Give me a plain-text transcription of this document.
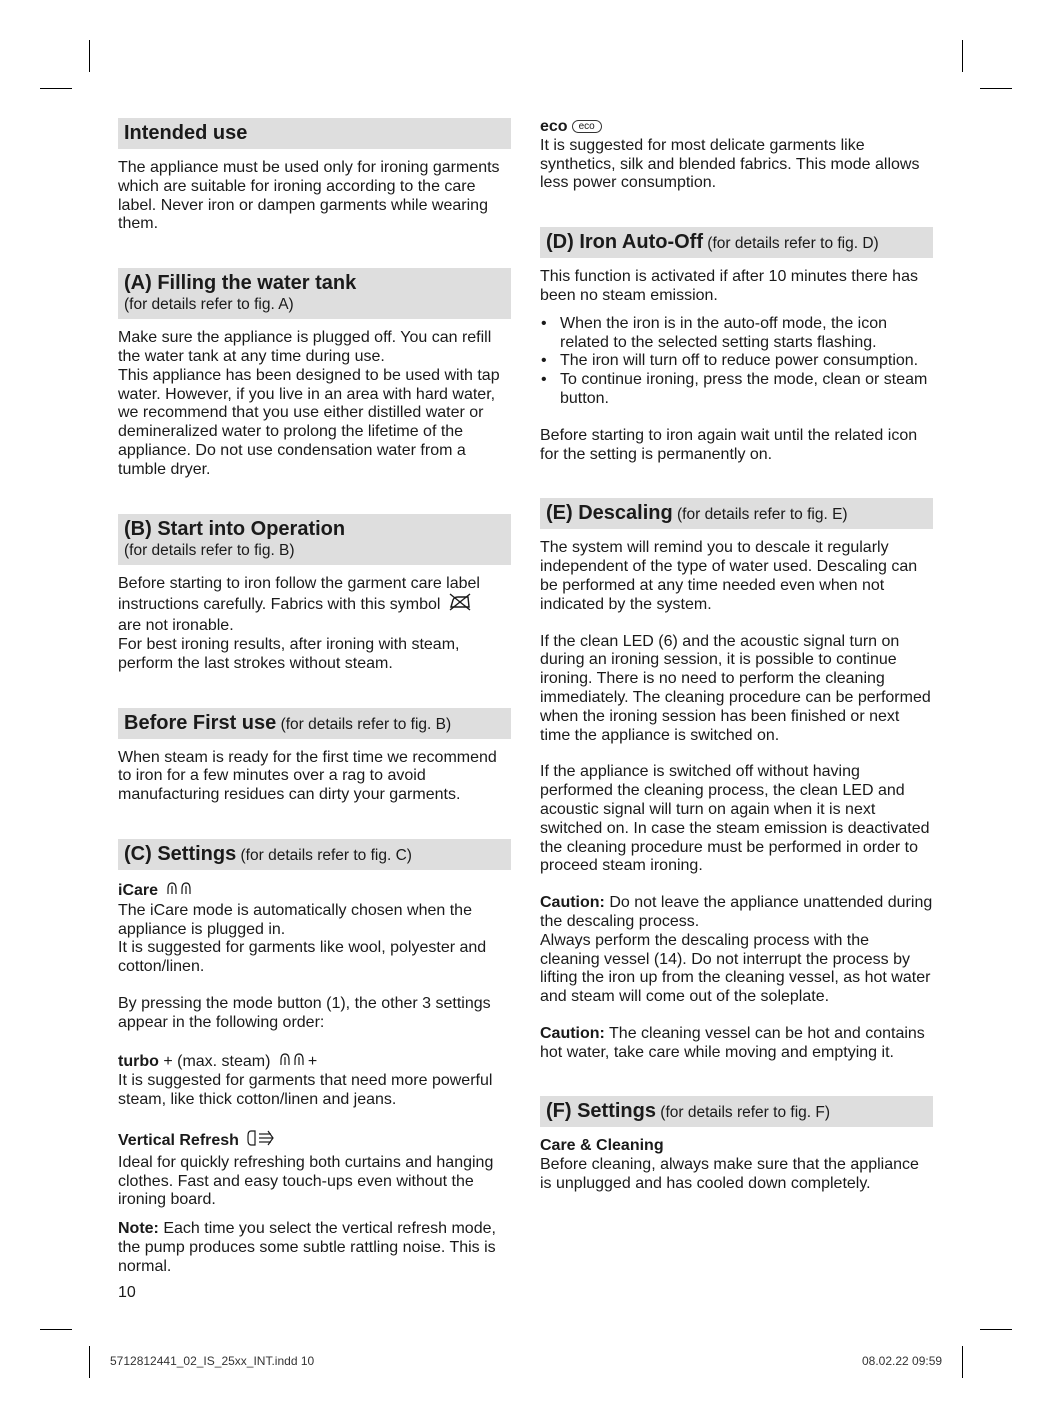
Intended use

The appliance must be used only for ironing garments which are suitable for ironing according to the care label. Never iron or dampen garments while wearing them.

(A) Filling the water tank
(for details refer to fig. A)

Make sure the appliance is plugged off. You can refill the water tank at any time during use.

This appliance has been designed to be used with tap water. However, if you live in an area with hard water, we recommend that you use either distilled water or demineralized water to prolong the lifetime of the appliance. Do not use condensation water from a tumble dryer.

(B) Start into Operation
(for details refer to fig. B)

Before starting to iron follow the garment care label instructions carefully. Fabrics with this symbol
are not ironable.

For best ironing results, after ironing with steam, perform the last strokes without steam.

Before First use (for details refer to fig. B)

When steam is ready for the first time we recommend to iron for a few minutes over a rag to avoid manufacturing residues can dirty your garments.

(C) Settings (for details refer to fig. C)

iCare

The iCare mode is automatically chosen when the appliance is plugged in.

It is suggested for garments like wool, polyester and cotton/linen.

By pressing the mode button (1), the other 3 settings appear in the following order:

turbo + (max. steam) +

It is suggested for garments that need more powerful steam, like thick cotton/linen and jeans.

Vertical Refresh

Ideal for quickly refreshing both curtains and hanging clothes. Fast and easy touch-ups even without the ironing board.

Note: Each time you select the vertical refresh mode, the pump produces some subtle rattling noise. This is normal.

eco eco

It is suggested for most delicate garments like synthetics, silk and blended fabrics. This mode allows less power consumption.

(D) Iron Auto-Off (for details refer to fig. D)

This function is activated if after 10 minutes there has been no steam emission.

• When the iron is in the auto-off mode, the icon related to the selected setting starts flashing.
• The iron will turn off to reduce power consumption.
• To continue ironing, press the mode, clean or steam button.

Before starting to iron again wait until the related icon for the setting is permanently on.

(E) Descaling (for details refer to fig. E)

The system will remind you to descale it regularly independent of the type of water used. Descaling can be performed at any time needed even when not indicated by the system.

If the clean LED (6) and the acoustic signal turn on during an ironing session, it is possible to continue ironing. There is no need to perform the cleaning immediately. The cleaning procedure can be performed when the ironing session has been finished or next time the appliance is switched on.

If the appliance is switched off without having performed the cleaning process, the clean LED and acoustic signal will turn on again when it is next switched on. In case the steam emission is deactivated the cleaning procedure must be performed in order to proceed steam ironing.

Caution: Do not leave the appliance unattended during the descaling process.

Always perform the descaling process with the cleaning vessel (14). Do not interrupt the process by lifting the iron up from the cleaning vessel, as hot water and steam will come out of the soleplate.

Caution: The cleaning vessel can be hot and contains hot water, take care while moving and emptying it.

(F) Settings (for details refer to fig. F)

Care & Cleaning

Before cleaning, always make sure that the appliance is unplugged and has cooled down completely.

10
5712812441_02_IS_25xx_INT.indd 10	08.02.22 09:59
